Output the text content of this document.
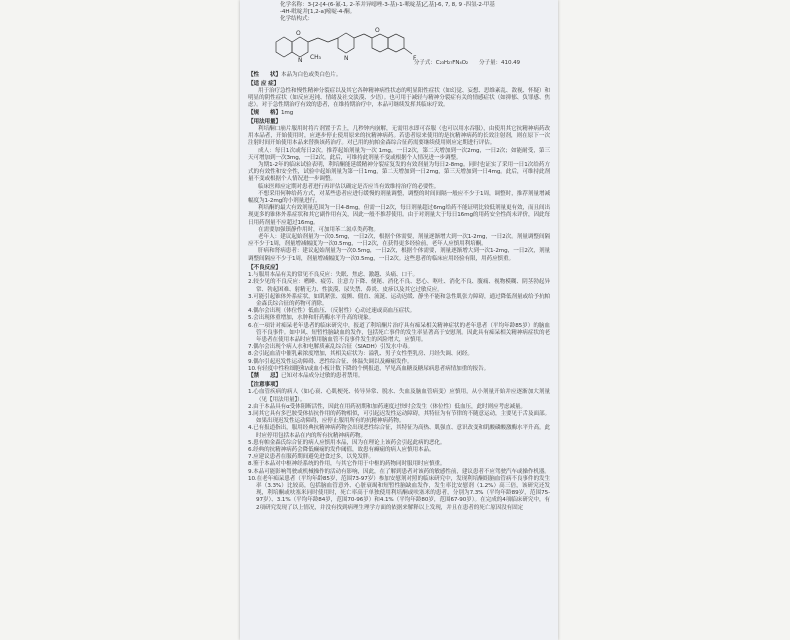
化学名称：3-[2-[4-(6-氟-1, 2-苯并异噁唑-3-基)-1-哌啶基]乙基]-6, 7, 8, 9 -四氢-2-甲基
-4H-吡啶并[1,2-a]嘧啶-4-酮。
化学结构式：
N
O
CH₃	N
O
F
分子式：C₂₃H₂₇FN₄O₂　　分子量：410.49
【性　　状】本品为白色或类白色片。
【适 应 症】
用于治疗急性和慢性精神分裂症以及其它各种精神病性状态的明显阳性症状（如幻觉、妄想、思维紊乱、敌视、怀疑）和明显的阴性症状（如反应迟钝、情绪及社交淡漠、少语）。也可用于减轻与精神分裂症有关的情感症状（如抑郁、负罪感、焦虑）。对于急性期治疗有效的患者，在维持期治疗中，本品可继续发挥其临床疗效。
【规　　格】1mg
【用法用量】
利培酮口崩片服用时将片剂置于舌上，几秒钟内崩解，无需用水即可吞服（也可以用水吞服），由使用其它抗精神病药改用本品者，开始使用时，应逐步停止使用原来的抗精神病药。若患者原来使用的是抗精神病药的长效注射剂，则在原下一次注射时间开始使用本品来替换该药治疗。对已用的抗帕金森综合征药需要继续使用则应定期进行评估。
成人：每日1次或每日2次。推荐起始剂量为一次 1mg，一日2次，第二天增加到一次2mg，一日2次；如能耐受，第三天可增加到一次3mg，一日2次。此后，可维持此剂量不变或根据个人情况进一步调整。
为期1-2年的临床试验表明，利培酮能延缓精神分裂症复发的有效剂量为每日2-8mg。同时也证实了采用一日1次给药方式的有效性和安全性，试验中起始剂量为第一日1mg，第二天增加到一日2mg，第三天增加到一日4mg。此后，可维持此剂量不变或根据个人情况进一步调整。
临床医师应定期对患者进行再评估以确定是否应当有效维持治疗的必要性。
不想采用何种给药方式，对某些患者应进行缓慢的剂量调整，调整的时间间隔一般应不少于1周，调整时，推荐剂量增减幅度为1-2mg的小剂量进行。
利培酮的最大有效剂量范围为一日4-8mg，但需一日2次，每日剂量超过6mg给药不能证明比较低剂量更有效，而且间出现更多的锥体外系症状和其它副作用有关，因此一般不推荐使用。由于对剂量大于每日16mg的用药安全性尚未评价，因此每日用药剂量不应超过16mg。
在需要加强镇静作用时，可加用苯二氮卓类药物。
老年人：建议起始剂量为一次0.5mg，一日2次，根据个体需要，剂量逐渐增大到一次1-2mg，一日2次。剂量调整间隔应不少于1周，剂量增减幅度为一次0.5mg，一日2次，在获得更多经验前，老年人应慎用利培酮。
肝病和肾病患者：建议起始剂量为一次0.5mg，一日2次，根据个体需要，剂量逐渐增大到一次1-2mg，一日2次，剂量调整间隔应不少于1周，剂量增减幅度为一次0.5mg，一日2次。这些患者的临床应用经验有限，用药应慎重。
【不良反应】
1.与服用本品有关的常见不良反应：失眠、焦虑、激越、头痛、口干。
2.较少见的不良反应：嗜睡、疲劳、注意力下降、便秘、消化不良、恶心、呕吐、消化不良、腹痛、视物模糊、阴茎勃起异常、勃起困难、射精无力、性淡漠、尿失禁、鼻炎、皮疹以及其它过敏反应。
3.可能引起锥体外系症状，如肌紧张、震颤、僵直、流涎、运动迟缓、静坐不能和急性肌张力障碍，通过降低剂量或给予抗帕金森氏综合征的药物可消除。
4.偶尔会出现（体位性）低血压、（反射性）心动过速或高血压症状。
5.会出现体重增加，水肿和肝药酶水平升高的现象。
6.在一项针对痴呆老年患者的临床研究中，报道了利培酮片治疗具有痴呆相关精神症状的老年患者（平均年龄85岁）的脑血管不良事件。如中风、短暂性脑缺血的发作，包括死亡事件的发生率显著高于安慰剂。因此具有痴呆相关精神病症状的老年患者在使用本品时应慎用脑血管不良事件发生的风险增大，应慎用。
7.偶尔会出现个病人水和电解质紊乱综合征（SIADH）引发水中毒。
8.会引起血清中催乳素浓度增加，其相关症状为：溢乳、男子女性型乳房、月经失调、闭经。
9.偶尔引起迟发性运动障碍、恶性综合征、体温失调以及癫痫发作。
10.有轻度中性粒细胞和/或血小板计数下降的个例报道，罕见高血糖及糖尿病患者病情加重的报告。
【禁　　忌】已知对本品成分过敏的患者禁用。
【注意事项】
1.心血管疾病的病人（如心衰、心肌梗死、传导异常、脱水、失血及脑血管病变）应慎用，从小剂量开始并应逐渐加大剂量（见【用法用量】）。
2.由于本品具有α受体阻断活性，因此在用药初期和加药速度过快时会发生（体位性）低血压，此时则应考虑减量。
3.同其它具有多巴胺受体拮抗作用的药物相似，可引起迟发性运动障碍，其特征为有节律的不随意运动，主要见于舌及面部。如果出现迟发性运动障碍，应停止服用所有的抗精神病药物。
4.已有报道指出，服用经典抗精神病药物会出现恶性综合征，其特征为高热、肌强直、意识改变和肌酸磷酸激酶水平升高。此时应停用包括本品在内的所有抗精神病药物。
5.患有帕金森氏综合征的病人应慎用本品，因为在理论上该药会引起此病的恶化。
6.经典的抗精神病药会降低癫痫的发作阈值，故患有癫痫的病人应慎用本品。
7.应建议患者在服药期间避免进食过多，以免发胖。
8.鉴于本品对中枢神经系统的作用，与其它作用于中枢的药物同时服用时应慎重。
9.本品可能影响驾驶或机械操作的活动有影响，因此，在了解到患者对该药的敏感性前，建议患者不应驾驶汽车或操作机器。
10.在老年痴呆患者（平均年龄85岁，范围73-97岁）参加安慰剂对照的临床研究中，发现利培酮组脑血管病不良事件的发生率（3.3%）比较高，包括脑血管意外、心脏衰竭和短暂性脑缺血发作，发生率比安慰剂（1.2%）高三倍，该研究还发现，利培酮或呋塞米同时使用时，死亡率高于单独使用利培酮或呋塞米的患者，分别为7.3%（平均年龄89岁，范围75-97岁）、3.1%（平均年龄84岁，范围70-96岁）和4.1%（平均年龄80岁，范围67-90岁）。在完成的4项临床研究中，有2项研究发现了以上情况，并没有找到病理生理学方面的依据来解释以上发现，并且在患者的死亡原因没有固定
